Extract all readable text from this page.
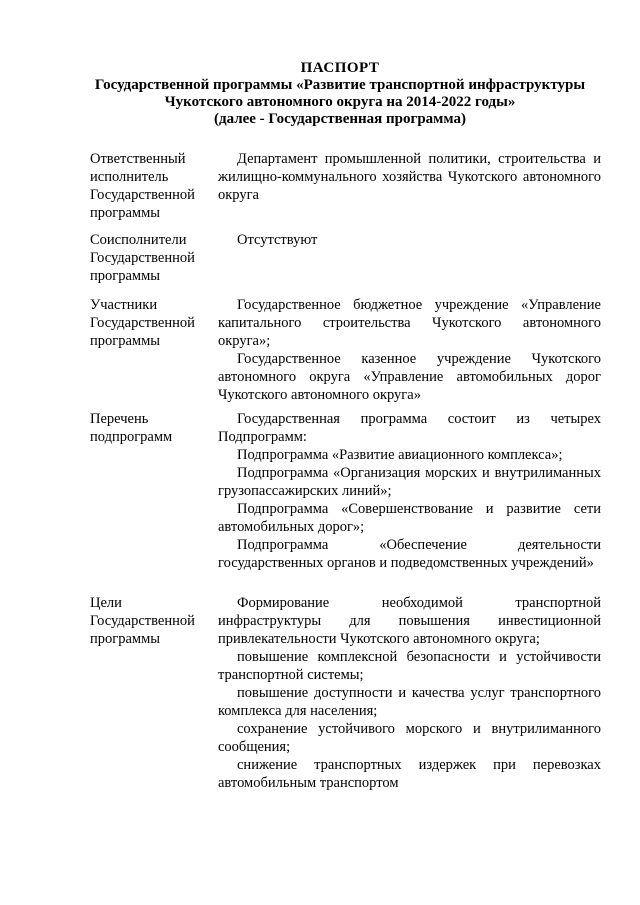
ПАСПОРТ
Государственной программы «Развитие транспортной инфраструктуры
Чукотского автономного округа на 2014-2022 годы»
(далее - Государственная программа)
Ответственный исполнитель Государственной программы
Департамент промышленной политики, строительства и жилищно-коммунального хозяйства Чукотского автономного округа
Соисполнители Государственной программы
Отсутствуют
Участники Государственной программы
Государственное бюджетное учреждение «Управление капитального строительства Чукотского автономного округа»;
Государственное казенное учреждение Чукотского автономного округа «Управление автомобильных дорог Чукотского автономного округа»
Перечень подпрограмм
Государственная программа состоит из четырех Подпрограмм:
Подпрограмма «Развитие авиационного комплекса»;
Подпрограмма «Организация морских и внутрилиманных грузопассажирских линий»;
Подпрограмма «Совершенствование и развитие сети автомобильных дорог»;
Подпрограмма «Обеспечение деятельности государственных органов и подведомственных учреждений»
Цели Государственной программы
Формирование необходимой транспортной инфраструктуры для повышения инвестиционной привлекательности Чукотского автономного округа;
повышение комплексной безопасности и устойчивости транспортной системы;
повышение доступности и качества услуг транспортного комплекса для населения;
сохранение устойчивого морского и внутрилиманного сообщения;
снижение транспортных издержек при перевозках автомобильным транспортом
